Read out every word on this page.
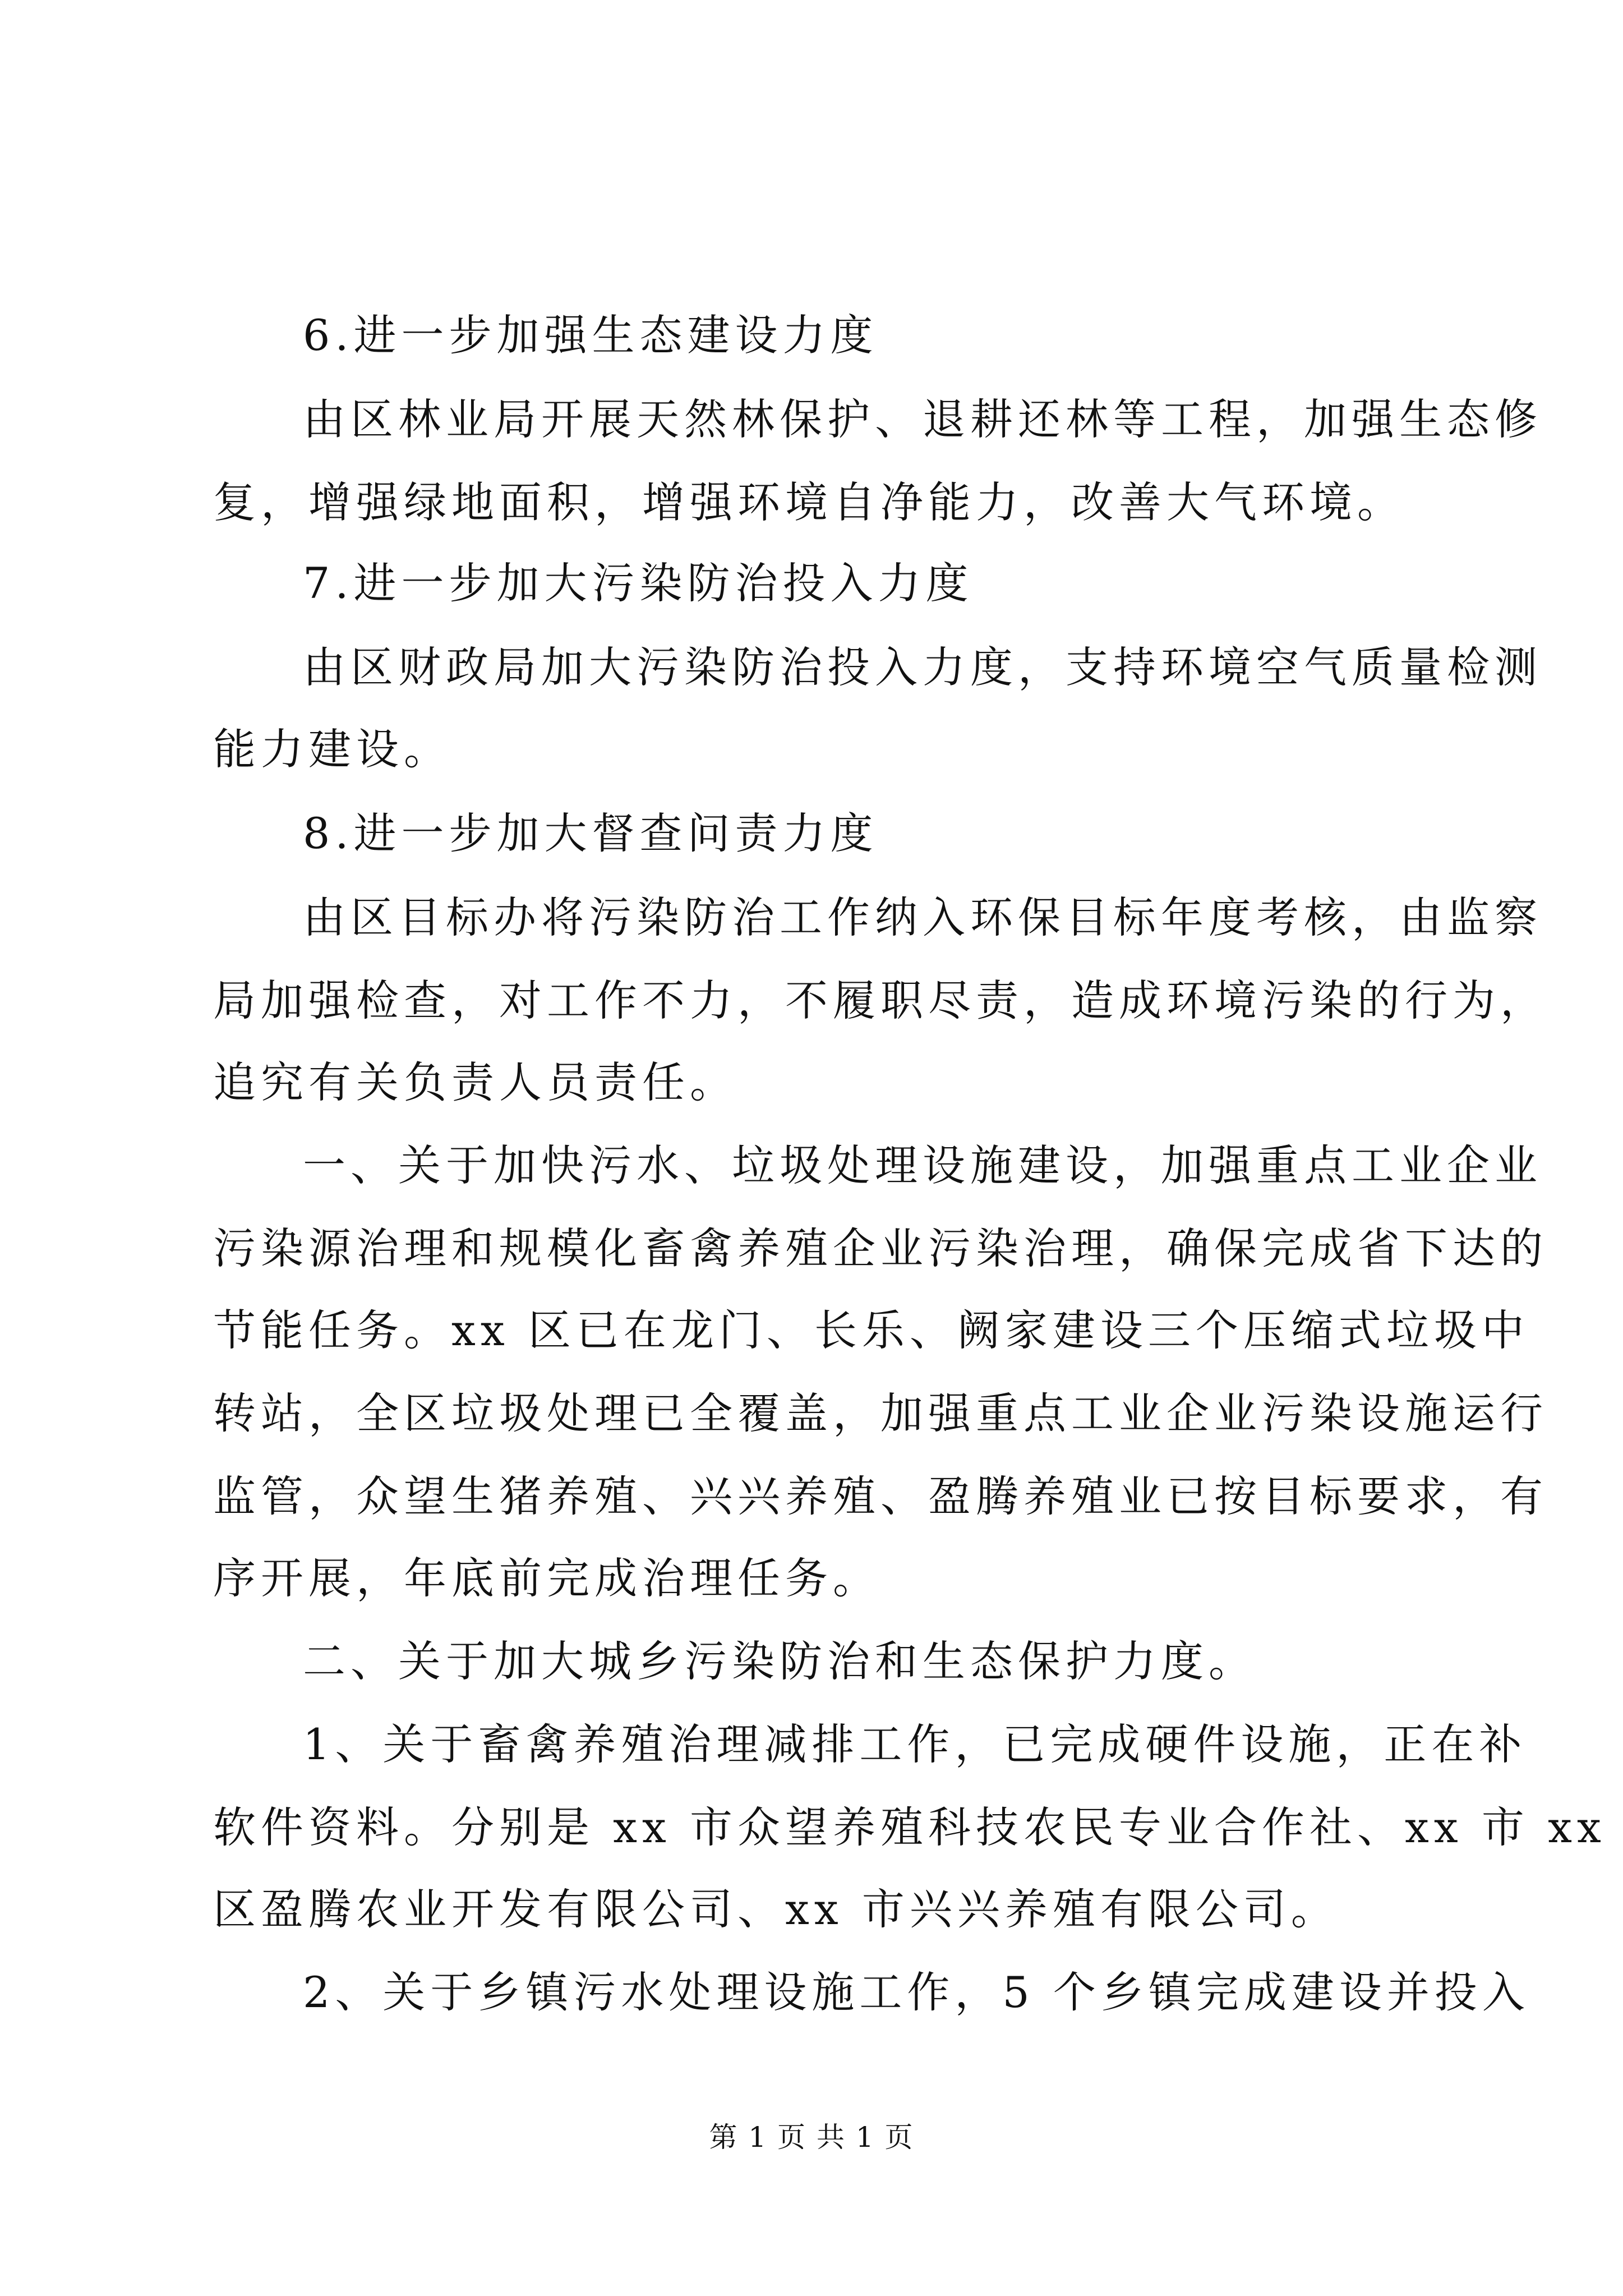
6.进一步加强生态建设力度
由区林业局开展天然林保护、退耕还林等工程，加强生态修
复，增强绿地面积，增强环境自净能力，改善大气环境。
7.进一步加大污染防治投入力度
由区财政局加大污染防治投入力度，支持环境空气质量检测
能力建设。
8.进一步加大督查问责力度
由区目标办将污染防治工作纳入环保目标年度考核，由监察
局加强检查，对工作不力，不履职尽责，造成环境污染的行为，
追究有关负责人员责任。
一、关于加快污水、垃圾处理设施建设，加强重点工业企业
污染源治理和规模化畜禽养殖企业污染治理，确保完成省下达的
节能任务。xx 区已在龙门、长乐、阙家建设三个压缩式垃圾中
转站，全区垃圾处理已全覆盖，加强重点工业企业污染设施运行
监管，众望生猪养殖、兴兴养殖、盈腾养殖业已按目标要求，有
序开展，年底前完成治理任务。
二、关于加大城乡污染防治和生态保护力度。
1、关于畜禽养殖治理减排工作，已完成硬件设施，正在补
软件资料。分别是 xx 市众望养殖科技农民专业合作社、xx 市 xx
区盈腾农业开发有限公司、xx 市兴兴养殖有限公司。
2、关于乡镇污水处理设施工作，5 个乡镇完成建设并投入
第 1 页 共 1 页
